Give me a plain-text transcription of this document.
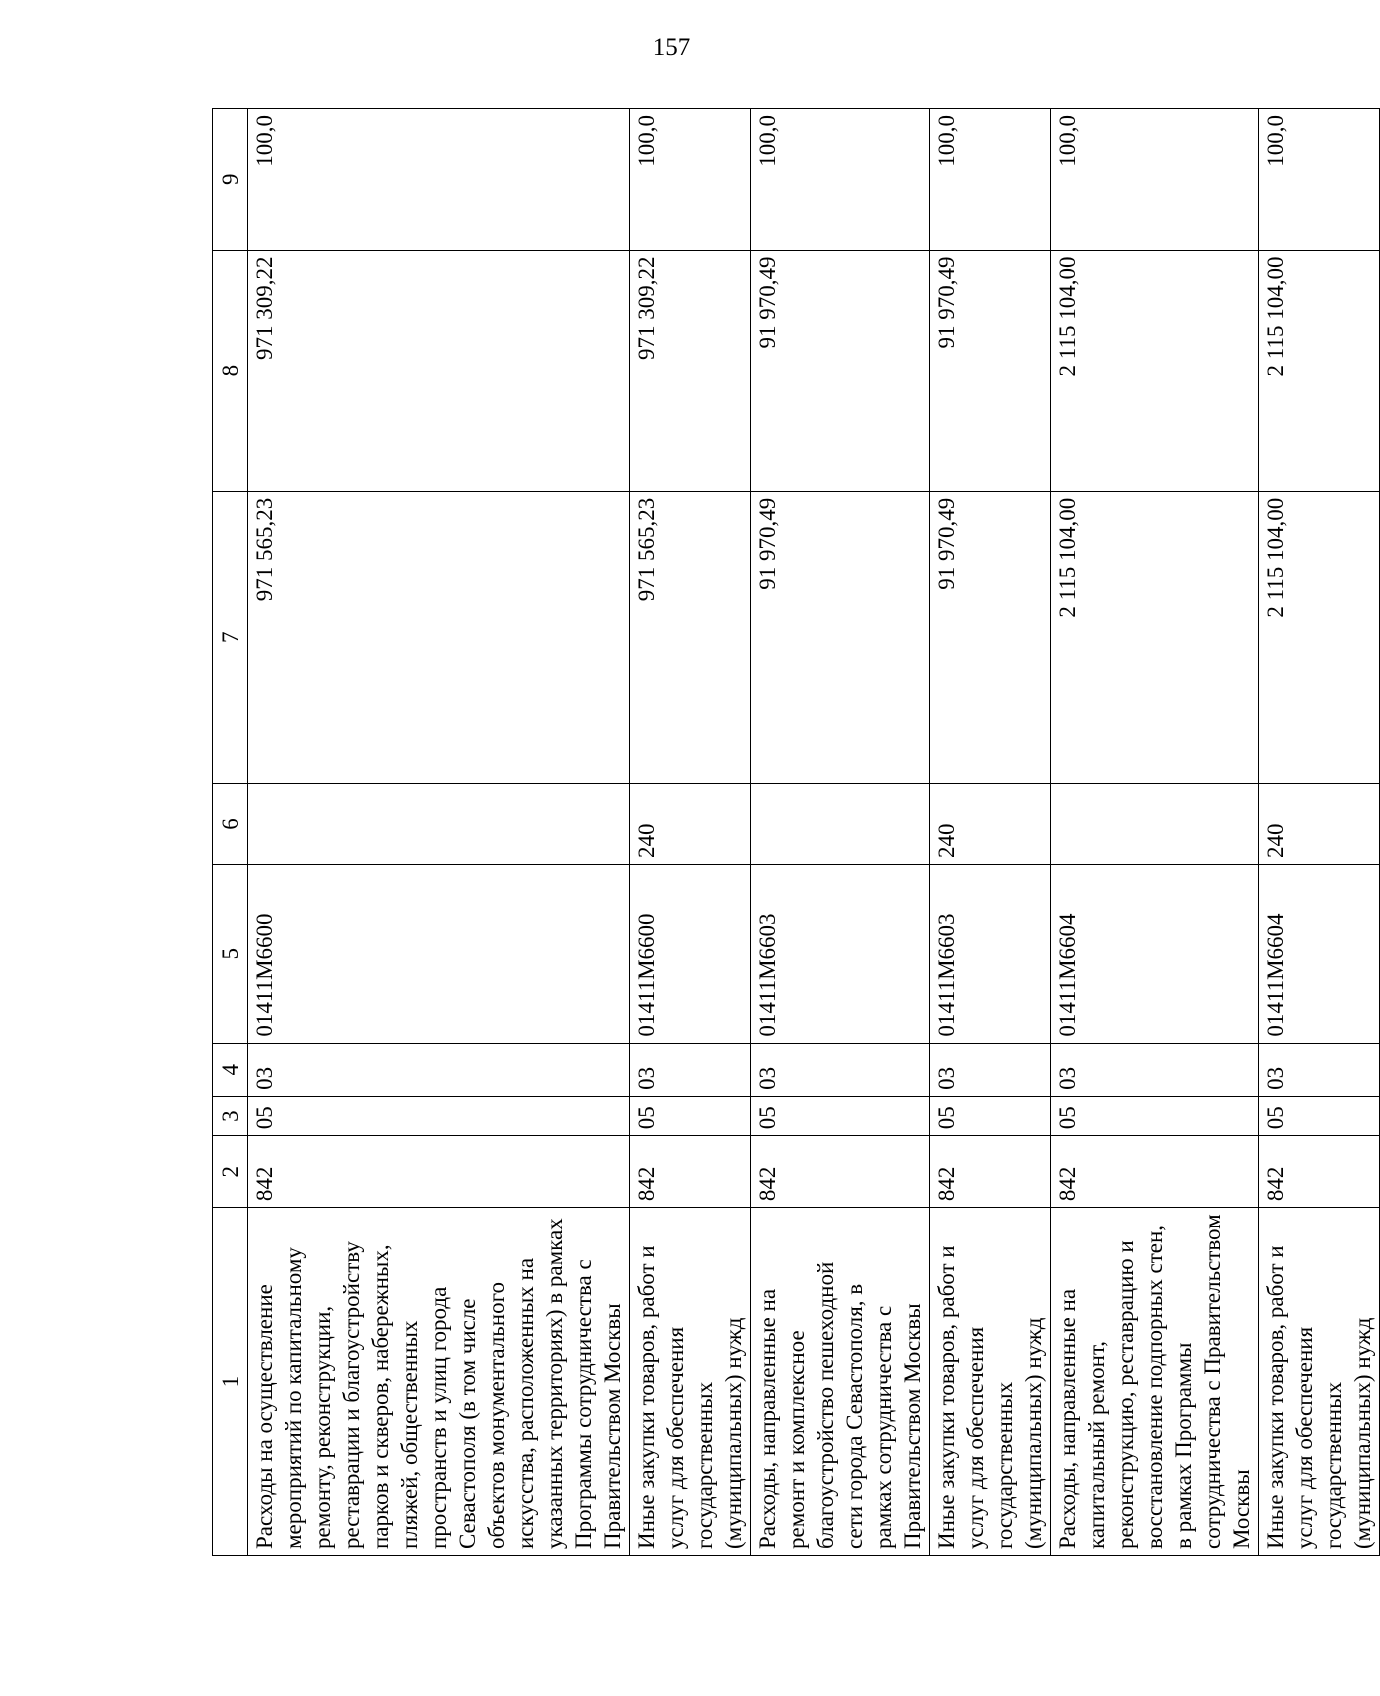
157
1	2	3	4	5	6	7	8	9
Расходы на осуществление мероприятий по капитальному ремонту, реконструкции, реставрации и благоустройству парков и скверов, набережных, пляжей, общественных пространств и улиц города Севастополя (в том числе объектов монументального искусства, расположенных на указанных территориях) в рамках Программы сотрудничества с Правительством Москвы	842	05	03	01411М6600		971 565,23	971 309,22	100,0
Иные закупки товаров, работ и услуг для обеспечения государственных (муниципальных) нужд	842	05	03	01411М6600	240	971 565,23	971 309,22	100,0
Расходы, направленные на ремонт и комплексное благоустройство пешеходной сети города Севастополя, в рамках сотрудничества с Правительством Москвы	842	05	03	01411М6603		91 970,49	91 970,49	100,0
Иные закупки товаров, работ и услуг для обеспечения государственных (муниципальных) нужд	842	05	03	01411М6603	240	91 970,49	91 970,49	100,0
Расходы, направленные на капитальный ремонт, реконструкцию, реставрацию и восстановление подпорных стен, в рамках Программы сотрудничества с Правительством Москвы	842	05	03	01411М6604		2 115 104,00	2 115 104,00	100,0
Иные закупки товаров, работ и услуг для обеспечения государственных (муниципальных) нужд	842	05	03	01411М6604	240	2 115 104,00	2 115 104,00	100,0
